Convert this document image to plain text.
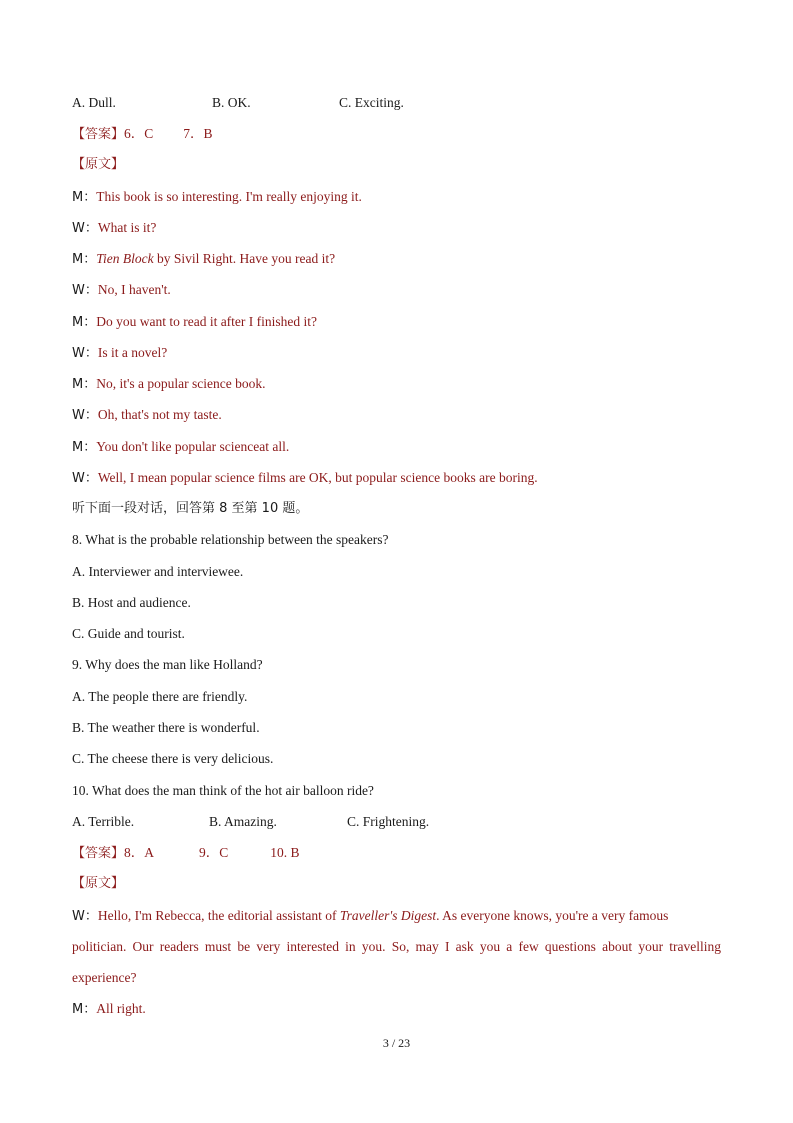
A. Dull.	B. OK.	C. Exciting.
【答案】6．C 7．B
【原文】
M：This book is so interesting. I'm really enjoying it.
W：What is it?
M：Tien Block by Sivil Right. Have you read it?
W：No, I haven't.
M：Do you want to read it after I finished it?
W：Is it a novel?
M：No, it's a popular science book.
W：Oh, that's not my taste.
M：You don't like popular scienceat all.
W：Well, I mean popular science films are OK, but popular science books are boring.
听下面一段对话，回答第 8 至第 10 题。
8. What is the probable relationship between the speakers?
A. Interviewer and interviewee.
B. Host and audience.
C. Guide and tourist.
9. Why does the man like Holland?
A. The people there are friendly.
B. The weather there is wonderful.
C. The cheese there is very delicious.
10. What does the man think of the hot air balloon ride?
A. Terrible.	B. Amazing.	C. Frightening.
【答案】8．A	9．C	10. B
【原文】
W：Hello, I'm Rebecca, the editorial assistant of Traveller's Digest. As everyone knows, you're a very famous
politician. Our readers must be very interested in you. So, may I ask you a few questions about your travelling
experience?
M：All right.
3 / 23
